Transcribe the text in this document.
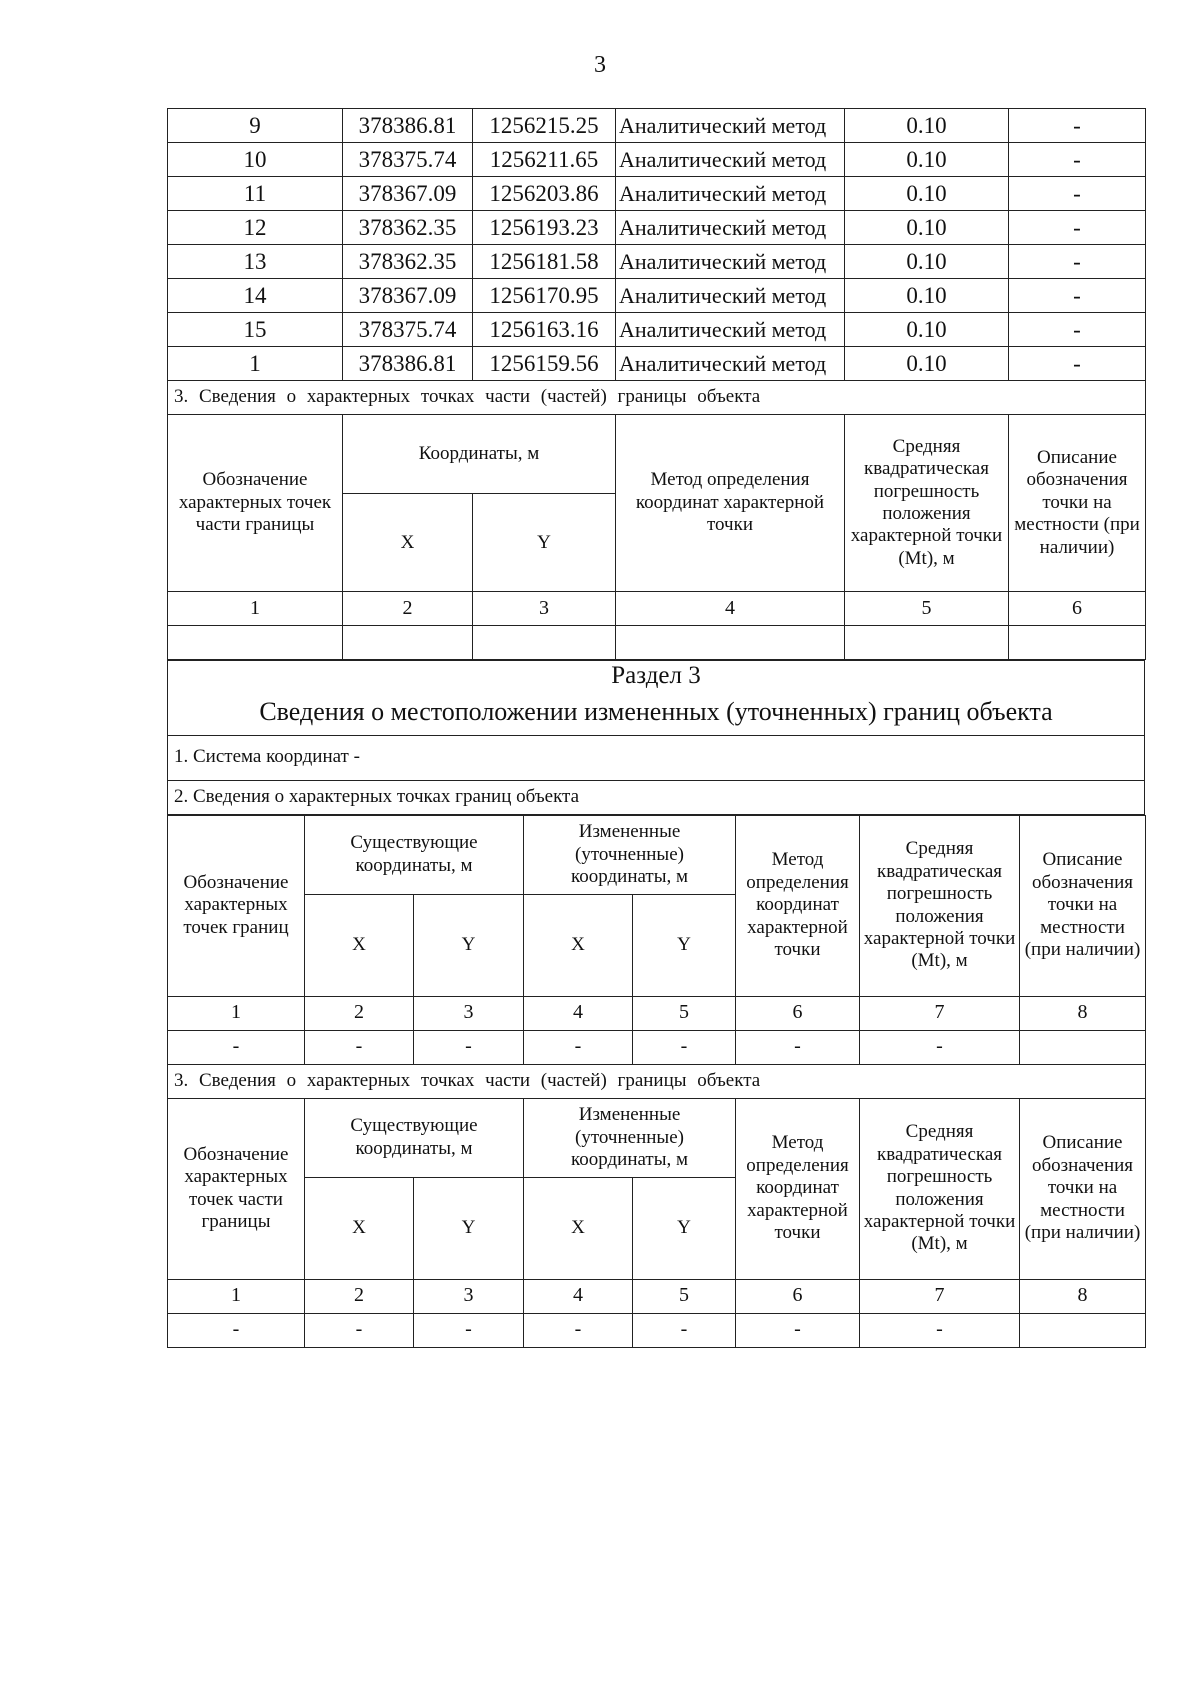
3
9	378386.81	1256215.25	Аналитический метод	0.10	-
10	378375.74	1256211.65	Аналитический метод	0.10	-
11	378367.09	1256203.86	Аналитический метод	0.10	-
12	378362.35	1256193.23	Аналитический метод	0.10	-
13	378362.35	1256181.58	Аналитический метод	0.10	-
14	378367.09	1256170.95	Аналитический метод	0.10	-
15	378375.74	1256163.16	Аналитический метод	0.10	-
1	378386.81	1256159.56	Аналитический метод	0.10	-
3. Сведения о характерных точках части (частей) границы объекта					
Обозначение характерных точек части границы	Координаты, м		Метод определения координат характерной точки	Средняя квадратическая погрешность положения характерной точки (Mt), м	Описание обозначения точки на местности (при наличии)
	X	Y			
1	2	3	4	5	6

Раздел 3
Сведения о местоположении измененных (уточненных) границ объекта
1. Система координат -
2. Сведения о характерных точках границ объекта
Обозначение характерных точек границ	Существующие координаты, м		Измененные (уточненные) координаты, м		Метод определения координат характерной точки	Средняя квадратическая погрешность положения характерной точки (Mt), м	Описание обозначения точки на местности (при наличии)
	X	Y	X	Y			
1	2	3	4	5	6	7	8
-	-	-	-	-	-	-	
3. Сведения о характерных точках части (частей) границы объекта							
Обозначение характерных точек части границы	Существующие координаты, м		Измененные (уточненные) координаты, м		Метод определения координат характерной точки	Средняя квадратическая погрешность положения характерной точки (Mt), м	Описание обозначения точки на местности (при наличии)
	X	Y	X	Y			
1	2	3	4	5	6	7	8
-	-	-	-	-	-	-	
